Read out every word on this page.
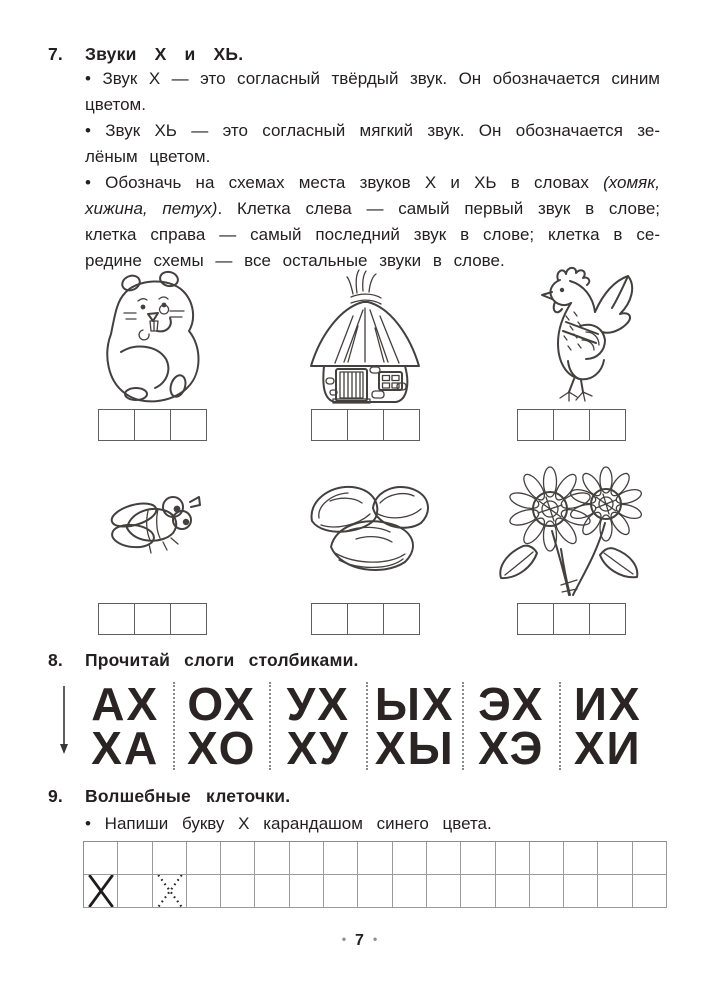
7.	Звуки Х и ХЬ.
• Звук Х — это согласный твёрдый звук. Он обозначается синим
цветом.
• Звук ХЬ — это согласный мягкий звук. Он обозначается зе-
лёным цветом.
• Обозначь на схемах места звуков Х и ХЬ в словах (хомяк,
хижина, петух). Клетка слева — самый первый звук в слове;
клетка справа — самый последний звук в слове; клетка в се-
редине схемы — все остальные звуки в слове.
8.	Прочитай слоги столбиками.
АХ
ХА
ОХ
ХО
УХ
ХУ
ЫХ
ХЫ
ЭХ
ХЭ
ИХ
ХИ
9.	Волшебные клеточки.
• Напиши букву Х карандашом синего цвета.
• 7 •
